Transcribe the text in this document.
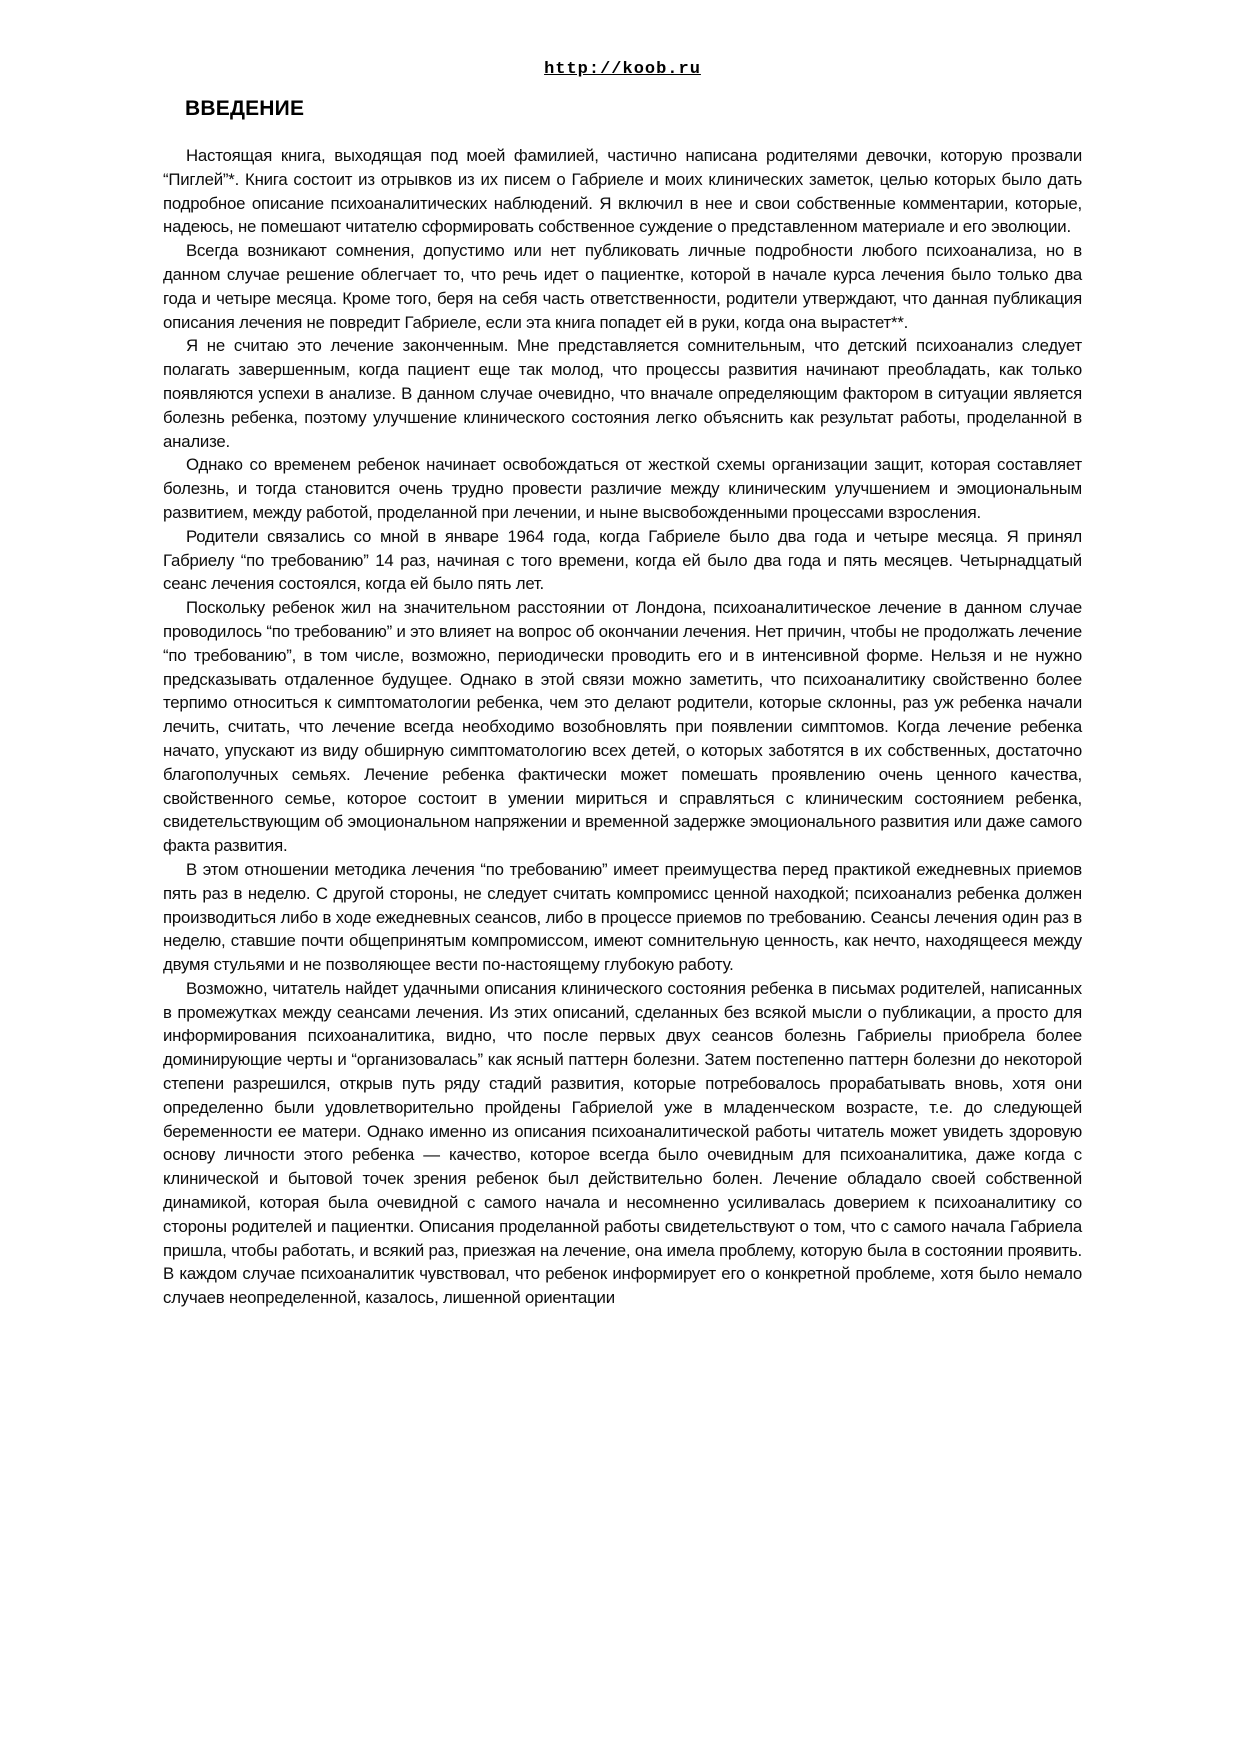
http://koob.ru
ВВЕДЕНИЕ

Настоящая книга, выходящая под моей фамилией, частично написана родителями девочки, которую прозвали “Пиглей”*. Книга состоит из отрывков из их писем о Габриеле и моих клинических заметок, целью которых было дать подробное описание психоаналитических наблюдений. Я включил в нее и свои собственные комментарии, которые, надеюсь, не помешают читателю сформировать собственное суждение о представленном материале и его эволюции.

Всегда возникают сомнения, допустимо или нет публиковать личные подробности любого психоанализа, но в данном случае решение облегчает то, что речь идет о пациентке, которой в начале курса лечения было только два года и четыре месяца. Кроме того, беря на себя часть ответственности, родители утверждают, что данная публикация описания лечения не повредит Габриеле, если эта книга попадет ей в руки, когда она вырастет**.

Я не считаю это лечение законченным. Мне представляется сомнительным, что детский психоанализ следует полагать завершенным, когда пациент еще так молод, что процессы развития начинают преобладать, как только появляются успехи в анализе. В данном случае очевидно, что вначале определяющим фактором в ситуации является болезнь ребенка, поэтому улучшение клинического состояния легко объяснить как результат работы, проделанной в анализе.

Однако со временем ребенок начинает освобождаться от жесткой схемы организации защит, которая составляет болезнь, и тогда становится очень трудно провести различие между клиническим улучшением и эмоциональным развитием, между работой, проделанной при лечении, и ныне высвобожденными процессами взросления.

Родители связались со мной в январе 1964 года, когда Габриеле было два года и четыре месяца. Я принял Габриелу “по требованию” 14 раз, начиная с того времени, когда ей было два года и пять месяцев. Четырнадцатый сеанс лечения состоялся, когда ей было пять лет.

Поскольку ребенок жил на значительном расстоянии от Лондона, психоаналитическое лечение в данном случае проводилось “по требованию” и это влияет на вопрос об окончании лечения. Нет причин, чтобы не продолжать лечение “по требованию”, в том числе, возможно, периодически проводить его и в интенсивной форме. Нельзя и не нужно предсказывать отдаленное будущее. Однако в этой связи можно заметить, что психоаналитику свойственно более терпимо относиться к симптоматологии ребенка, чем это делают родители, которые склонны, раз уж ребенка начали лечить, считать, что лечение всегда необходимо возобновлять при появлении симптомов. Когда лечение ребенка начато, упускают из виду обширную симптоматологию всех детей, о которых заботятся в их собственных, достаточно благополучных семьях. Лечение ребенка фактически может помешать проявлению очень ценного качества, свойственного семье, которое состоит в умении мириться и справляться с клиническим состоянием ребенка, свидетельствующим об эмоциональном напряжении и временной задержке эмоционального развития или даже самого факта развития.

В этом отношении методика лечения “по требованию” имеет преимущества перед практикой ежедневных приемов пять раз в неделю. С другой стороны, не следует считать компромисс ценной находкой; психоанализ ребенка должен производиться либо в ходе ежедневных сеансов, либо в процессе приемов по требованию. Сеансы лечения один раз в неделю, ставшие почти общепринятым компромиссом, имеют сомнительную ценность, как нечто, находящееся между двумя стульями и не позволяющее вести по-настоящему глубокую работу.

Возможно, читатель найдет удачными описания клинического состояния ребенка в письмах родителей, написанных в промежутках между сеансами лечения. Из этих описаний, сделанных без всякой мысли о публикации, а просто для информирования психоаналитика, видно, что после первых двух сеансов болезнь Габриелы приобрела более доминирующие черты и “организовалась” как ясный паттерн болезни. Затем постепенно паттерн болезни до некоторой степени разрешился, открыв путь ряду стадий развития, которые потребовалось прорабатывать вновь, хотя они определенно были удовлетворительно пройдены Габриелой уже в младенческом возрасте, т.е. до следующей беременности ее матери. Однако именно из описания психоаналитической работы читатель может увидеть здоровую основу личности этого ребенка — качество, которое всегда было очевидным для психоаналитика, даже когда с клинической и бытовой точек зрения ребенок был действительно болен. Лечение обладало своей собственной динамикой, которая была очевидной с самого начала и несомненно усиливалась доверием к психоаналитику со стороны родителей и пациентки. Описания проделанной работы свидетельствуют о том, что с самого начала Габриела пришла, чтобы работать, и всякий раз, приезжая на лечение, она имела проблему, которую была в состоянии проявить. В каждом случае психоаналитик чувствовал, что ребенок информирует его о конкретной проблеме, хотя было немало случаев неопределенной, казалось, лишенной ориентации
